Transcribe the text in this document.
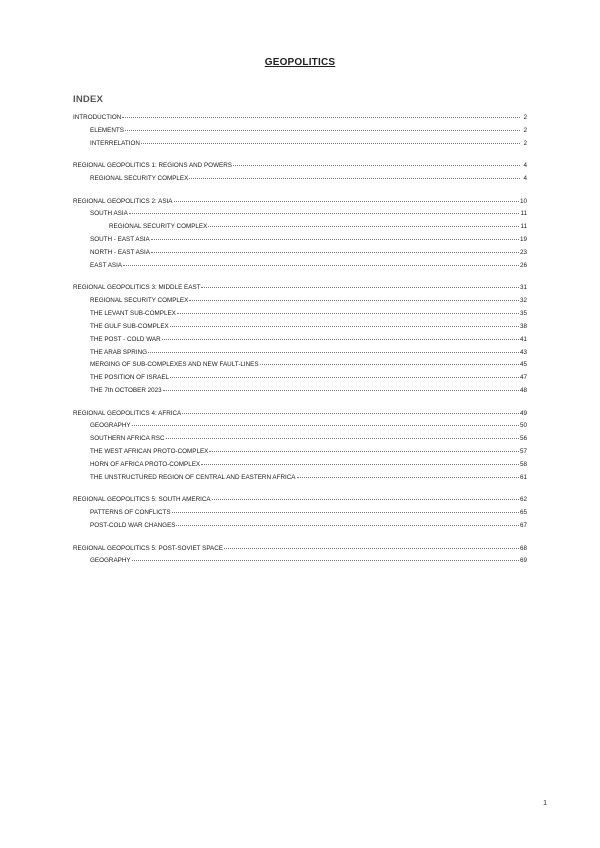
GEOPOLITICS
INDEX
INTRODUCTION	2
ELEMENTS	2
INTERRELATION	2
REGIONAL GEOPOLITICS 1: REGIONS AND POWERS	4
REGIONAL SECURITY COMPLEX	4
REGIONAL GEOPOLITICS 2: ASIA	10
SOUTH ASIA	11
REGIONAL SECURITY COMPLEX	11
SOUTH - EAST ASIA	19
NORTH - EAST ASIA	23
EAST ASIA	26
REGIONAL GEOPOLITICS 3: MIDDLE EAST	31
REGIONAL SECURITY COMPLEX	32
THE LEVANT SUB-COMPLEX	35
THE GULF SUB-COMPLEX	38
THE POST - COLD WAR	41
THE ARAB SPRING	43
MERGING OF SUB-COMPLEXES AND NEW FAULT-LINES	45
THE POSITION OF ISRAEL	47
THE 7th OCTOBER 2023	48
REGIONAL GEOPOLITICS 4: AFRICA	49
GEOGRAPHY	50
SOUTHERN AFRICA RSC	56
THE WEST AFRICAN PROTO-COMPLEX	57
HORN OF AFRICA PROTO-COMPLEX	58
THE UNSTRUCTURED REGION OF CENTRAL AND EASTERN AFRICA	61
REGIONAL GEOPOLITICS 5: SOUTH AMERICA	62
PATTERNS OF CONFLICTS	65
POST-COLD WAR CHANGES	67
REGIONAL GEOPOLITICS 5: POST-SOVIET SPACE	68
GEOGRAPHY	69
1
